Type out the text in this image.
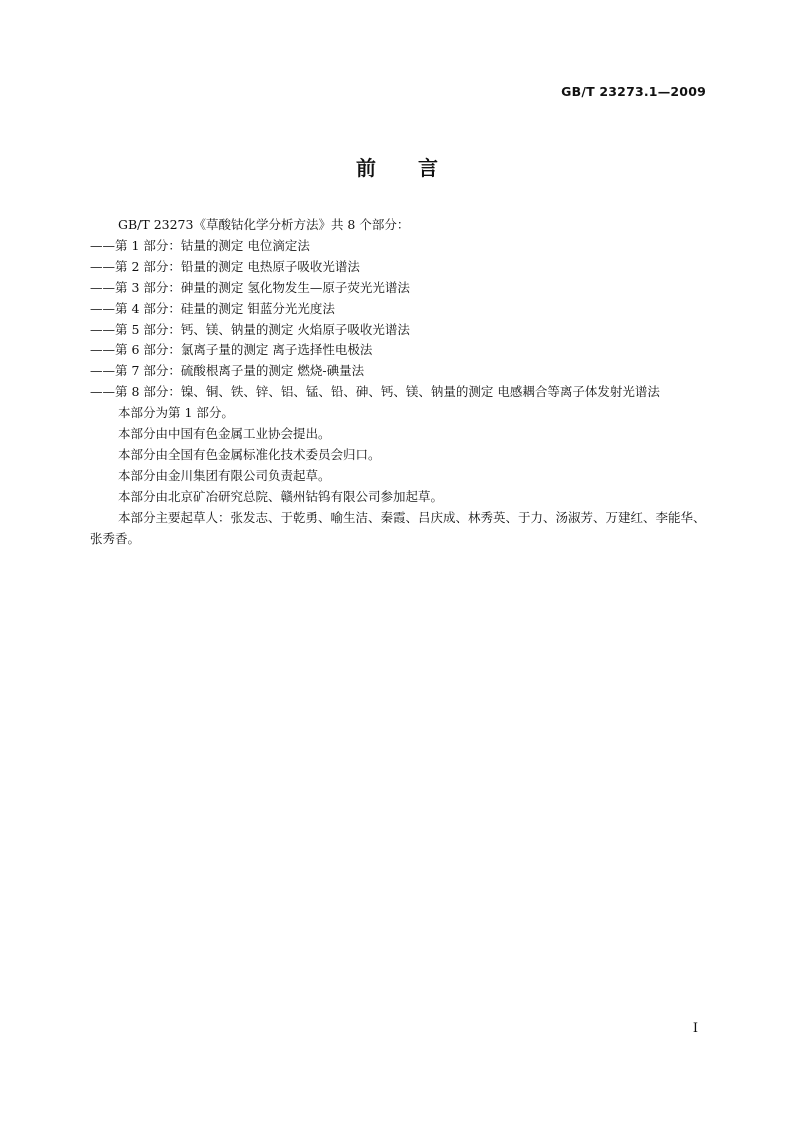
GB/T 23273.1—2009
前言
GB/T 23273《草酸钴化学分析方法》共 8 个部分：
——第 1 部分：钴量的测定 电位滴定法
——第 2 部分：铅量的测定 电热原子吸收光谱法
——第 3 部分：砷量的测定 氢化物发生—原子荧光光谱法
——第 4 部分：硅量的测定 钼蓝分光光度法
——第 5 部分：钙、镁、钠量的测定 火焰原子吸收光谱法
——第 6 部分：氯离子量的测定 离子选择性电极法
——第 7 部分：硫酸根离子量的测定 燃烧-碘量法
——第 8 部分：镍、铜、铁、锌、铝、锰、铅、砷、钙、镁、钠量的测定 电感耦合等离子体发射光谱法
本部分为第 1 部分。
本部分由中国有色金属工业协会提出。
本部分由全国有色金属标准化技术委员会归口。
本部分由金川集团有限公司负责起草。
本部分由北京矿冶研究总院、赣州钴钨有限公司参加起草。
本部分主要起草人：张发志、于乾勇、喻生洁、秦霞、吕庆成、林秀英、于力、汤淑芳、万建红、李能华、张秀香。
I
